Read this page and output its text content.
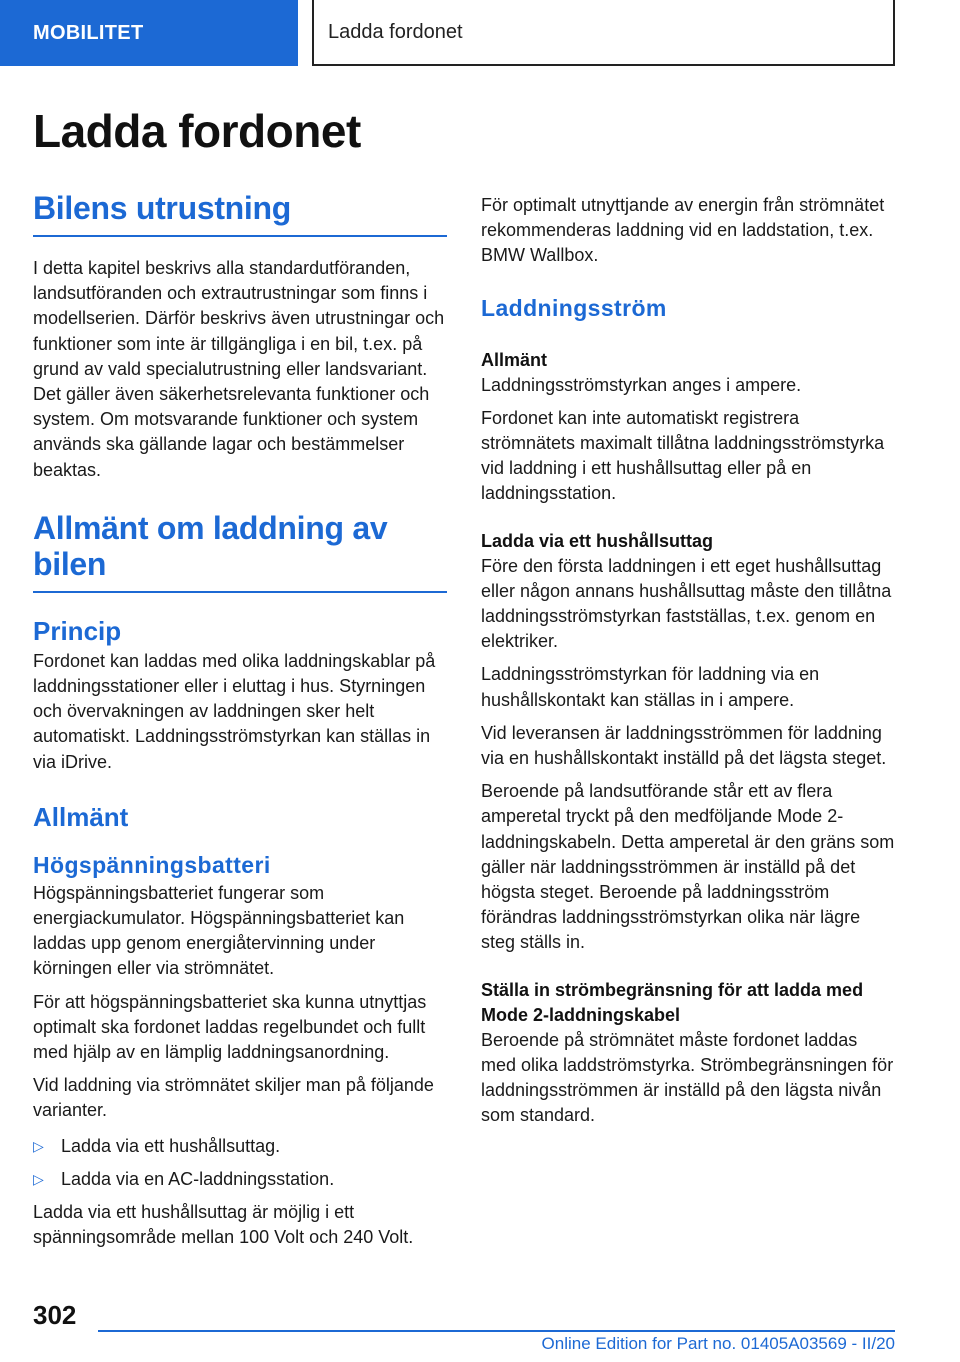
MOBILITET	Ladda fordonet
Ladda fordonet
Bilens utrustning

I detta kapitel beskrivs alla standardutföranden, landsutföranden och extrautrustningar som finns i modellserien. Därför beskrivs även utrustningar och funktioner som inte är tillgängliga i en bil, t.ex. på grund av vald specialutrustning eller landsvariant. Det gäller även säkerhetsrelevanta funktioner och system. Om motsvarande funktioner och system används ska gällande lagar och bestämmelser beaktas.

Allmänt om laddning av bilen
Princip

Fordonet kan laddas med olika laddningskablar på laddningsstationer eller i eluttag i hus. Styrningen och övervakningen av laddningen sker helt automatiskt. Laddningsströmstyrkan kan ställas in via iDrive.

Allmänt
Högspänningsbatteri

Högspänningsbatteriet fungerar som energiackumulator. Högspänningsbatteriet kan laddas upp genom energiåtervinning under körningen eller via strömnätet.

För att högspänningsbatteriet ska kunna utnyttjas optimalt ska fordonet laddas regelbundet och fullt med hjälp av en lämplig laddningsanordning.

Vid laddning via strömnätet skiljer man på följande varianter.

▷ Ladda via ett hushållsuttag.
▷ Ladda via en AC-laddningsstation.

Ladda via ett hushållsuttag är möjlig i ett spänningsområde mellan 100 Volt och 240 Volt.

För optimalt utnyttjande av energin från strömnätet rekommenderas laddning vid en laddstation, t.ex. BMW Wallbox.

Laddningsström
Allmänt

Laddningsströmstyrkan anges i ampere.

Fordonet kan inte automatiskt registrera strömnätets maximalt tillåtna laddningsströmstyrka vid laddning i ett hushållsuttag eller på en laddningsstation.

Ladda via ett hushållsuttag

Före den första laddningen i ett eget hushållsuttag eller någon annans hushållsuttag måste den tillåtna laddningsströmstyrkan fastställas, t.ex. genom en elektriker.

Laddningsströmstyrkan för laddning via en hushållskontakt kan ställas in i ampere.

Vid leveransen är laddningsströmmen för laddning via en hushållskontakt inställd på det lägsta steget.

Beroende på landsutförande står ett av flera amperetal tryckt på den medföljande Mode 2-laddningskabeln. Detta amperetal är den gräns som gäller när laddningsströmmen är inställd på det högsta steget. Beroende på laddningsström förändras laddningsströmstyrkan olika när lägre steg ställs in.

Ställa in strömbegränsning för att ladda med Mode 2-laddningskabel

Beroende på strömnätet måste fordonet laddas med olika laddströmstyrka. Strömbegränsningen för laddningsströmmen är inställd på den lägsta nivån som standard.

302
Online Edition for Part no. 01405A03569 - II/20
